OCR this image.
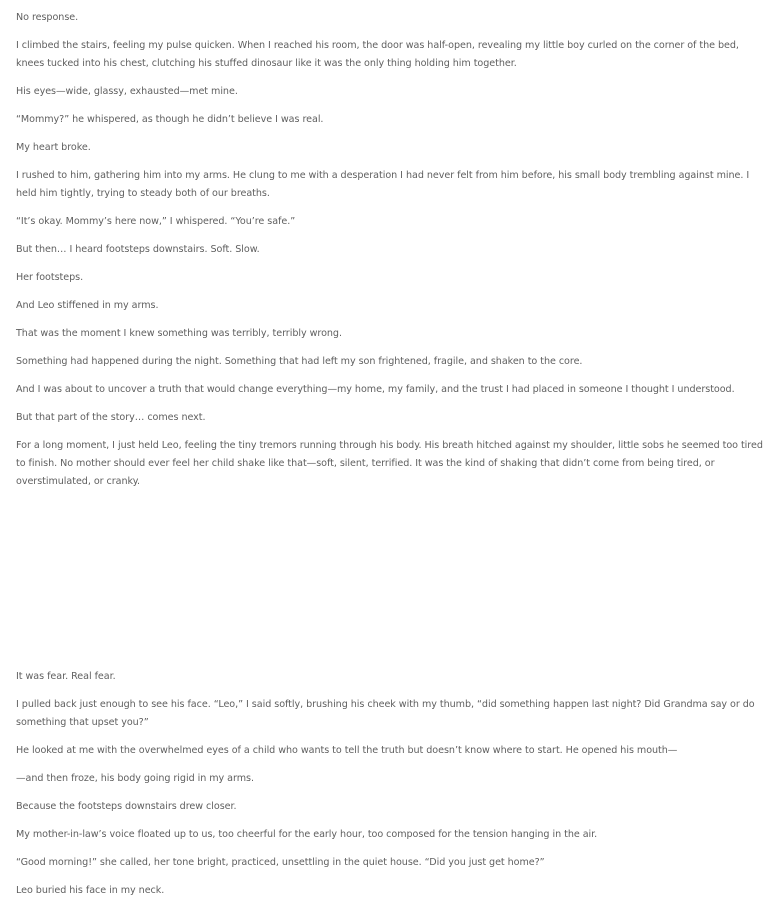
No response.

I climbed the stairs, feeling my pulse quicken. When I reached his room, the door was half-open, revealing my little boy curled on the corner of the bed, knees tucked into his chest, clutching his stuffed dinosaur like it was the only thing holding him together.

His eyes—wide, glassy, exhausted—met mine.

“Mommy?” he whispered, as though he didn’t believe I was real.

My heart broke.

I rushed to him, gathering him into my arms. He clung to me with a desperation I had never felt from him before, his small body trembling against mine. I held him tightly, trying to steady both of our breaths.

“It’s okay. Mommy’s here now,” I whispered. “You’re safe.”

But then… I heard footsteps downstairs. Soft. Slow.

Her footsteps.

And Leo stiffened in my arms.

That was the moment I knew something was terribly, terribly wrong.

Something had happened during the night. Something that had left my son frightened, fragile, and shaken to the core.

And I was about to uncover a truth that would change everything—my home, my family, and the trust I had placed in someone I thought I understood.

But that part of the story… comes next.

For a long moment, I just held Leo, feeling the tiny tremors running through his body. His breath hitched against my shoulder, little sobs he seemed too tired to finish. No mother should ever feel her child shake like that—soft, silent, terrified. It was the kind of shaking that didn’t come from being tired, or overstimulated, or cranky.

It was fear. Real fear.

I pulled back just enough to see his face. “Leo,” I said softly, brushing his cheek with my thumb, “did something happen last night? Did Grandma say or do something that upset you?”

He looked at me with the overwhelmed eyes of a child who wants to tell the truth but doesn’t know where to start. He opened his mouth—

—and then froze, his body going rigid in my arms.

Because the footsteps downstairs drew closer.

My mother-in-law’s voice floated up to us, too cheerful for the early hour, too composed for the tension hanging in the air.

“Good morning!” she called, her tone bright, practiced, unsettling in the quiet house. “Did you just get home?”

Leo buried his face in my neck.
